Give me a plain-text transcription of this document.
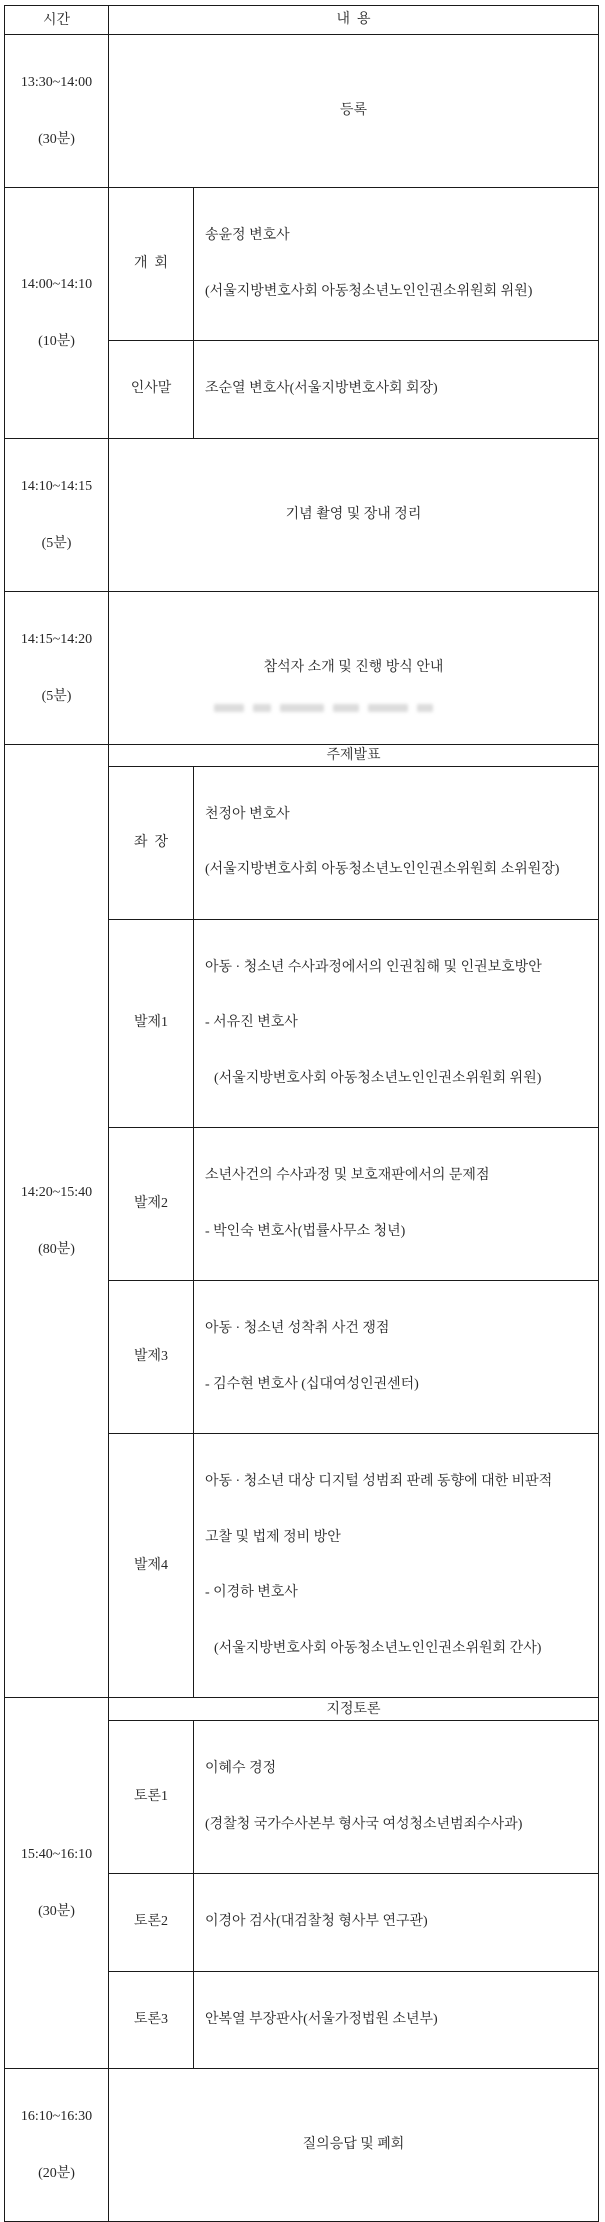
시간	내  용	

13:30~14:00

(30분)	등록	

14:00~14:10

(10분)

	개  회	

송윤정 변호사

(서울지방변호사회 아동청소년노인인권소위원회 위원)

	인사말	조순열 변호사(서울지방변호사회 회장)

14:10~14:15

(5분)	기념 촬영 및 장내 정리	

14:15~14:20

(5분)	참석자 소개 및 진행 방식 안내	

14:20~15:40

(80분)	주제발표	
	좌  장	천정아 변호사

(서울지방변호사회 아동청소년노인인권소위원회 소위원장)

	발제1	아동 · 청소년 수사과정에서의 인권침해 및 인권보호방안

- 서유진 변호사

(서울지방변호사회 아동청소년노인인권소위원회 위원)

	발제2	소년사건의 수사과정 및 보호재판에서의 문제점

- 박인숙 변호사(법률사무소 청년)

	발제3	아동 · 청소년 성착취 사건 쟁점

- 김수현 변호사 (십대여성인권센터)

	발제4	아동 · 청소년 대상 디지털 성범죄 판례 동향에 대한 비판적

고찰 및 법제 정비 방안

- 이경하 변호사

(서울지방변호사회 아동청소년노인인권소위원회 간사)

15:40~16:10

(30분)	지정토론	
	토론1	이혜수 경정

(경찰청 국가수사본부 형사국 여성청소년범죄수사과)

	토론2	이경아 검사(대검찰청 형사부 연구관)

	토론3	안복열 부장판사(서울가정법원 소년부)

16:10~16:30

(20분)	질의응답 및 폐회	
